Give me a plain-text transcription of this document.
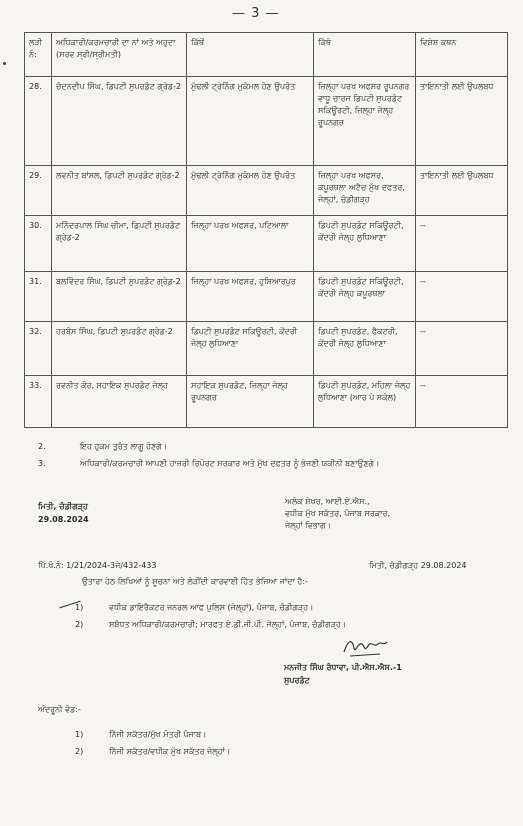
— 3 —
ਲੜੀ ਨੰ:	ਅਧਿਕਾਰੀ/ਕਰਮਚਾਰੀ ਦਾ ਨਾਂ ਅਤੇ ਅਹੁਦਾ (ਸਰਵ ਸ੍ਰੀ/ਸ੍ਰੀਮਤੀ)	ਕਿੱਥੋਂ	ਕਿੱਥੇ	ਵਿਸ਼ੇਸ਼ ਕਥਨ
28.	ਚੰਦਨਦੀਪ ਸਿੰਘ, ਡਿਪਟੀ ਸੁਪਰਡੰਟ ਗ੍ਰੇਡ-2	ਮੁੱਢਲੀ ਟ੍ਰੇਨਿੰਗ ਮੁਕੰਮਲ ਹੋਣ ਉਪਰੰਤ	ਜ਼ਿਲ੍ਹਾ ਪਰਖ ਅਫਸਰ ਰੂਪਨਗਰ ਵਾਧੂ ਚਾਰਜ ਡਿਪਟੀ ਸੁਪਰਡੰਟ ਸਕਿਊਰਟੀ, ਜ਼ਿਲ੍ਹਾ ਜੇਲ੍ਹ ਰੂਪਨਗਰ	ਤਾਇਨਾਤੀ ਲਈ ਉਪਲਬਧ
29.	ਲਵਨੀਤ ਬਾਂਸਲ, ਡਿਪਟੀ ਸੁਪਰਡੰਟ ਗ੍ਰੇਡ-2	ਮੁੱਢਲੀ ਟ੍ਰੇਨਿੰਗ ਮੁਕੰਮਲ ਹੋਣ ਉਪਰੰਤ	ਜ਼ਿਲ੍ਹਾ ਪਰਖ ਅਫਸਰ, ਕਪੂਰਥਲਾ ਅਟੈਚ ਮੁੱਖ ਦਫਤਰ, ਜੇਲ੍ਹਾਂ, ਚੰਡੀਗੜ੍ਹ	ਤਾਇਨਾਤੀ ਲਈ ਉਪਲਬਧ
30.	ਮਨਿੰਦਰਪਾਲ ਸਿੰਘ ਚੀਮਾ, ਡਿਪਟੀ ਸੁਪਰਡੰਟ ਗ੍ਰੇਡ-2	ਜ਼ਿਲ੍ਹਾ ਪਰਖ ਅਫਸਰ, ਪਟਿਆਲਾ	ਡਿਪਟੀ ਸੁਪਰਡੰਟ ਸਕਿਊਰਟੀ, ਕੇਂਦਰੀ ਜੇਲ੍ਹ ਲੁਧਿਆਣਾ	--
31.	ਬਲਵਿੰਦਰ ਸਿੰਘ, ਡਿਪਟੀ ਸੁਪਰਡੰਟ ਗ੍ਰੇਡ-2	ਜ਼ਿਲ੍ਹਾ ਪਰਖ ਅਫਸਰ, ਹੁਸ਼ਿਆਰਪੁਰ	ਡਿਪਟੀ ਸੁਪਰਡੰਟ ਸਕਿਊਰਟੀ, ਕੇਂਦਰੀ ਜੇਲ੍ਹ ਕਪੂਰਥਲਾ	--
32.	ਹਰਬੰਸ ਸਿੰਘ, ਡਿਪਟੀ ਸੁਪਰਡੰਟ ਗ੍ਰੇਡ-2	ਡਿਪਟੀ ਸੁਪਰਡੰਟ ਸਕਿਊਰਟੀ, ਕੇਂਦਰੀ ਜੇਲ੍ਹ ਲੁਧਿਆਣਾ	ਡਿਪਟੀ ਸੁਪਰਡੰਟ, ਫੈਕਟਰੀ, ਕੇਂਦਰੀ ਜੇਲ੍ਹ ਲੁਧਿਆਣਾ	--
33.	ਰਵਨੀਤ ਕੌਰ, ਸਹਾਇਕ ਸੁਪਰਡੰਟ ਜੇਲ੍ਹ	ਸਹਾਇਕ ਸੁਪਰਡੰਟ, ਜ਼ਿਲ੍ਹਾ ਜੇਲ੍ਹ ਰੂਪਨਗਰ	ਡਿਪਟੀ ਸੁਪਰਡੰਟ, ਮਹਿਲਾ ਜੇਲ੍ਹ ਲੁਧਿਆਣਾ (ਆਰ ਪੇ ਸਕੇਲ)	--
2.	ਇਹ ਹੁਕਮ ਤੁਰੰਤ ਲਾਗੂ ਹੋਣਗੇ।
3.	ਅਧਿਕਾਰੀ/ਕਰਮਚਾਰੀ ਆਪਣੀ ਹਾਜ਼ਰੀ ਰਿਪੋਰਟ ਸਰਕਾਰ ਅਤੇ ਮੁੱਖ ਦਫਤਰ ਨੂੰ ਭੇਜਣੀ ਯਕੀਨੀ ਬਣਾਉਣਗੇ।
ਮਿਤੀ, ਚੰਡੀਗੜ੍ਹ
29.08.2024
ਅਲੋਕ ਸ਼ੇਖਰ, ਆਈ.ਏ.ਐਸ.,
ਵਧੀਕ ਮੁੱਖ ਸਕੱਤਰ, ਪੰਜਾਬ ਸਰਕਾਰ,
ਜੇਲ੍ਹਾਂ ਵਿਭਾਗ।
ਪਿੱ.ਖੰ.ਨੰ: 1/21/2024-3ਜੇ/432-433	ਮਿਤੀ, ਚੰਡੀਗੜ੍ਹ 29.08.2024
ਉਤਾਰਾ ਹੇਠ ਲਿਖਿਆਂ ਨੂੰ ਸੂਚਨਾ ਅਤੇ ਲੋੜੀਂਦੀ ਕਾਰਵਾਈ ਹਿੱਤ ਭੇਜਿਆ ਜਾਂਦਾ ਹੈ:-
1)	ਵਧੀਕ ਡਾਇਰੈਕਟਰ ਜਨਰਲ ਆਫ ਪੁਲਿਸ (ਜੇਲ੍ਹਾਂ), ਪੰਜਾਬ, ਚੰਡੀਗੜ੍ਹ।
2)	ਸਬੰਧਤ ਅਧਿਕਾਰੀ/ਕਰਮਚਾਰੀ; ਮਾਰਫਤ ਏ.ਡੀ.ਜੀ.ਪੀ. ਜੇਲ੍ਹਾਂ, ਪੰਜਾਬ, ਚੰਡੀਗੜ੍ਹ।
ਮਨਜੀਤ ਸਿੰਘ ਰੰਧਾਵਾ, ਪੀ.ਐਸ.ਐਸ.-1
ਸੁਪਰਡੰਟ
ਅੰਦਰੂਨੀ ਵੰਡ:-
1)	ਨਿੱਜੀ ਸਕੱਤਰ/ਮੁੱਖ ਮੰਤਰੀ ਪੰਜਾਬ।
2)	ਨਿੱਜੀ ਸਕੱਤਰ/ਵਧੀਕ ਮੁੱਖ ਸਕੱਤਰ ਜੇਲ੍ਹਾਂ।
